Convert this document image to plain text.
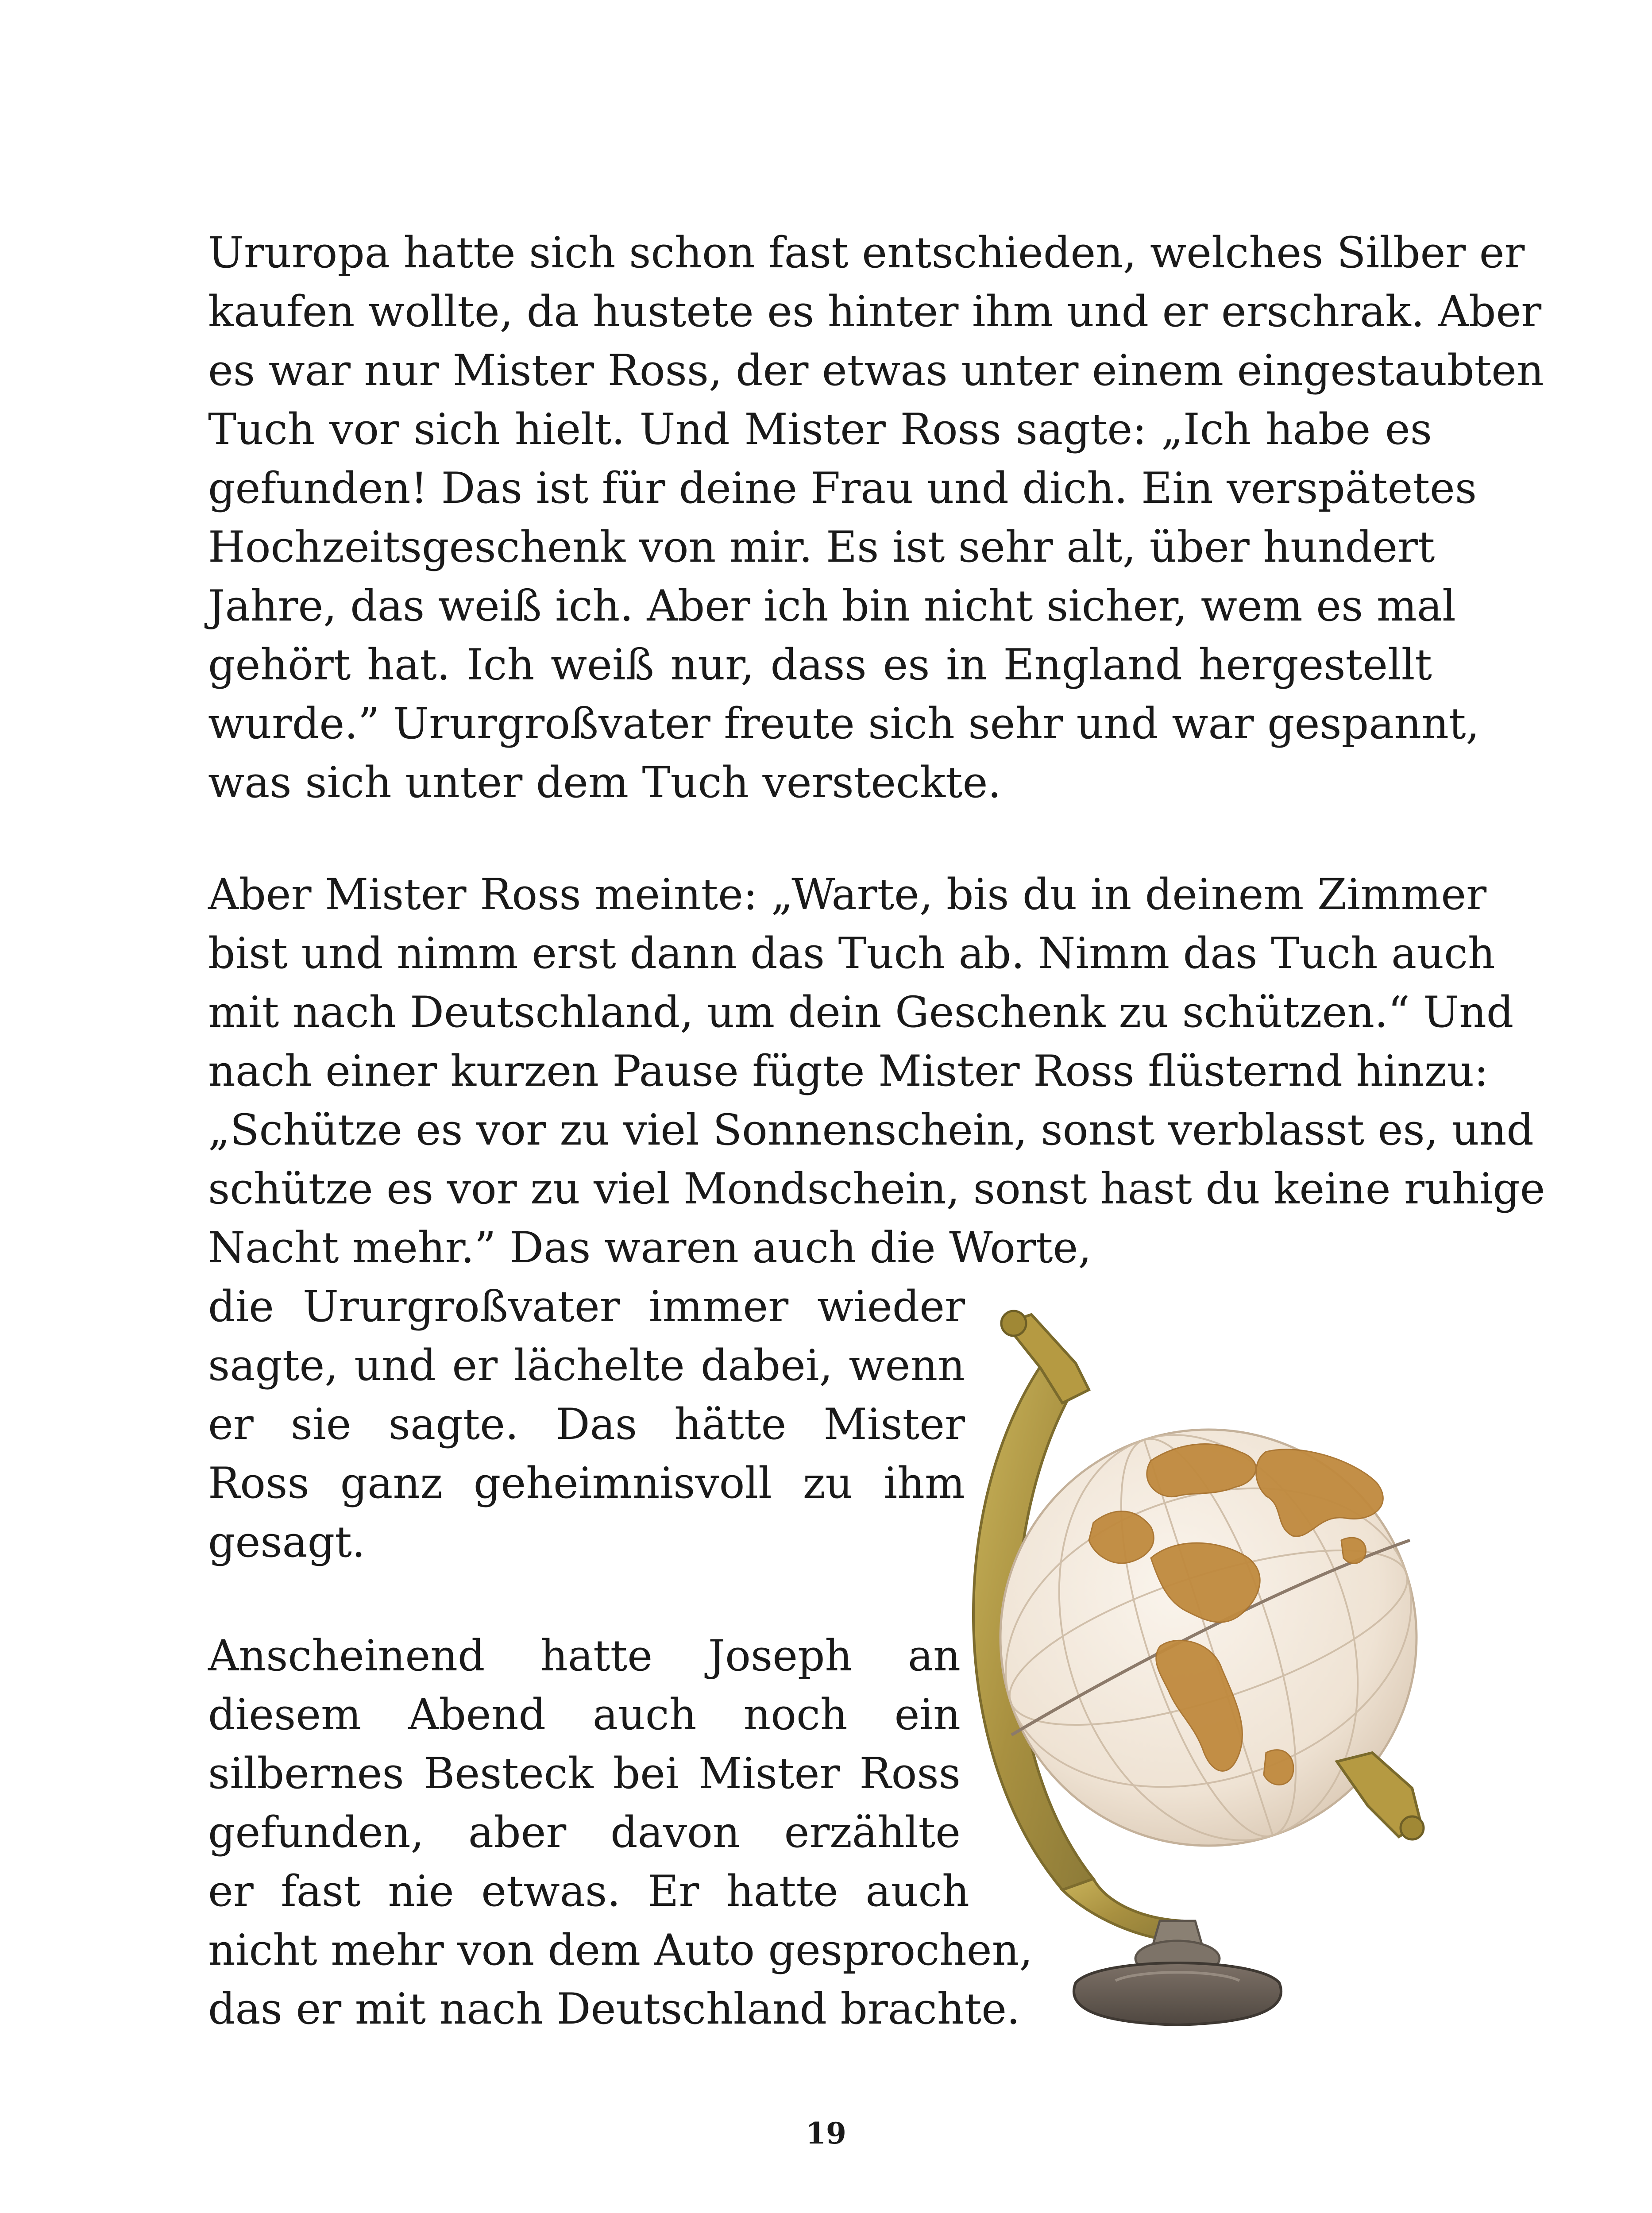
Ururopa hatte sich schon fast entschieden, welches Silber er
kaufen wollte, da hustete es hinter ihm und er erschrak. Aber
es war nur Mister Ross, der etwas unter einem eingestaubten
Tuch vor sich hielt. Und Mister Ross sagte: „Ich habe es
gefunden! Das ist für deine Frau und dich. Ein verspätetes
Hochzeitsgeschenk von mir. Es ist sehr alt, über hundert
Jahre, das weiß ich. Aber ich bin nicht sicher, wem es mal
gehört hat. Ich weiß nur, dass es in England hergestellt
wurde.” Ururgroßvater freute sich sehr und war gespannt,
was sich unter dem Tuch versteckte.
Aber Mister Ross meinte: „Warte, bis du in deinem Zimmer
bist und nimm erst dann das Tuch ab. Nimm das Tuch auch
mit nach Deutschland, um dein Geschenk zu schützen.“ Und
nach einer kurzen Pause fügte Mister Ross flüsternd hinzu:
„Schütze es vor zu viel Sonnenschein, sonst verblasst es, und
schütze es vor zu viel Mondschein, sonst hast du keine ruhige
Nacht mehr.” Das waren auch die Worte,
die Ururgroßvater immer wieder
sagte, und er lächelte dabei, wenn
er sie sagte. Das hätte Mister
Ross ganz geheimnisvoll zu ihm
gesagt.
Anscheinend hatte Joseph an
diesem Abend auch noch ein
silbernes Besteck bei Mister Ross
gefunden, aber davon erzählte
er fast nie etwas. Er hatte auch
nicht mehr von dem Auto gesprochen,
das er mit nach Deutschland brachte.
19
